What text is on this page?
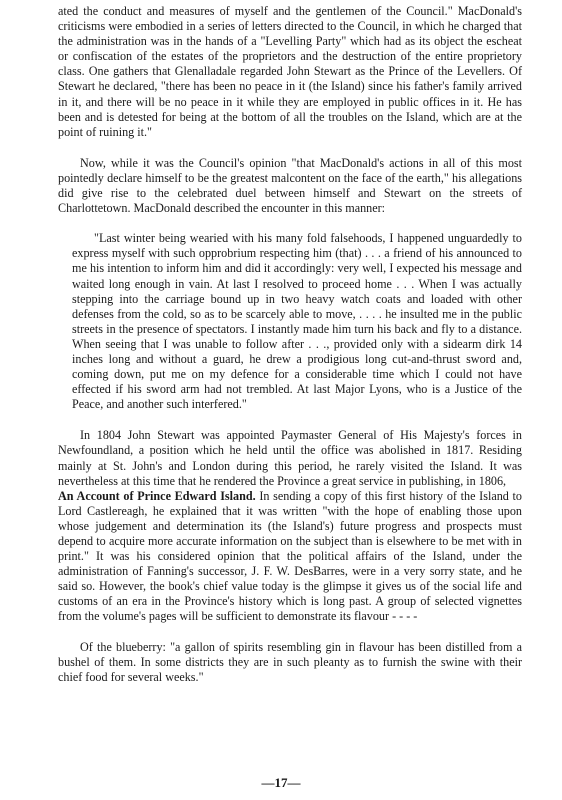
ated the conduct and measures of myself and the gentlemen of the Council." MacDonald's criticisms were embodied in a series of letters directed to the Council, in which he charged that the administration was in the hands of a "Levelling Party" which had as its object the escheat or confiscation of the estates of the proprietors and the destruction of the entire proprietory class. One gathers that Glenalladale regarded John Stewart as the Prince of the Levellers. Of Stewart he declared, "there has been no peace in it (the Island) since his father's family arrived in it, and there will be no peace in it while they are employed in public offices in it. He has been and is detested for being at the bottom of all the troubles on the Island, which are at the point of ruining it."

Now, while it was the Council's opinion "that MacDonald's actions in all of this most pointedly declare himself to be the greatest malcontent on the face of the earth," his allegations did give rise to the celebrated duel between himself and Stewart on the streets of Charlottetown. MacDonald described the encounter in this manner:

"Last winter being wearied with his many fold falsehoods, I happened unguardedly to express myself with such opprobrium respecting him (that) . . . a friend of his announced to me his intention to inform him and did it accordingly: very well, I expected his message and waited long enough in vain. At last I resolved to proceed home . . . When I was actually stepping into the carriage bound up in two heavy watch coats and loaded with other defenses from the cold, so as to be scarcely able to move, . . . . he insulted me in the public streets in the presence of spectators. I instantly made him turn his back and fly to a distance. When seeing that I was unable to follow after . . ., provided only with a sidearm dirk 14 inches long and without a guard, he drew a prodigious long cut-and-thrust sword and, coming down, put me on my defence for a considerable time which I could not have effected if his sword arm had not trembled. At last Major Lyons, who is a Justice of the Peace, and another such interfered."

In 1804 John Stewart was appointed Paymaster General of His Majesty's forces in Newfoundland, a position which he held until the office was abolished in 1817. Residing mainly at St. John's and London during this period, he rarely visited the Island. It was nevertheless at this time that he rendered the Province a great service in publishing, in 1806,
An Account of Prince Edward Island. In sending a copy of this first history of the Island to Lord Castlereagh, he explained that it was written "with the hope of enabling those upon whose judgement and determination its (the Island's) future progress and prospects must depend to acquire more accurate information on the subject than is elsewhere to be met with in print." It was his considered opinion that the political affairs of the Island, under the administration of Fanning's successor, J. F. W. DesBarres, were in a very sorry state, and he said so. However, the book's chief value today is the glimpse it gives us of the social life and customs of an era in the Province's history which is long past. A group of selected vignettes from the volume's pages will be sufficient to demonstrate its flavour - - - -

Of the blueberry: "a gallon of spirits resembling gin in flavour has been distilled from a bushel of them. In some districts they are in such pleanty as to furnish the swine with their chief food for several weeks."

—17—
